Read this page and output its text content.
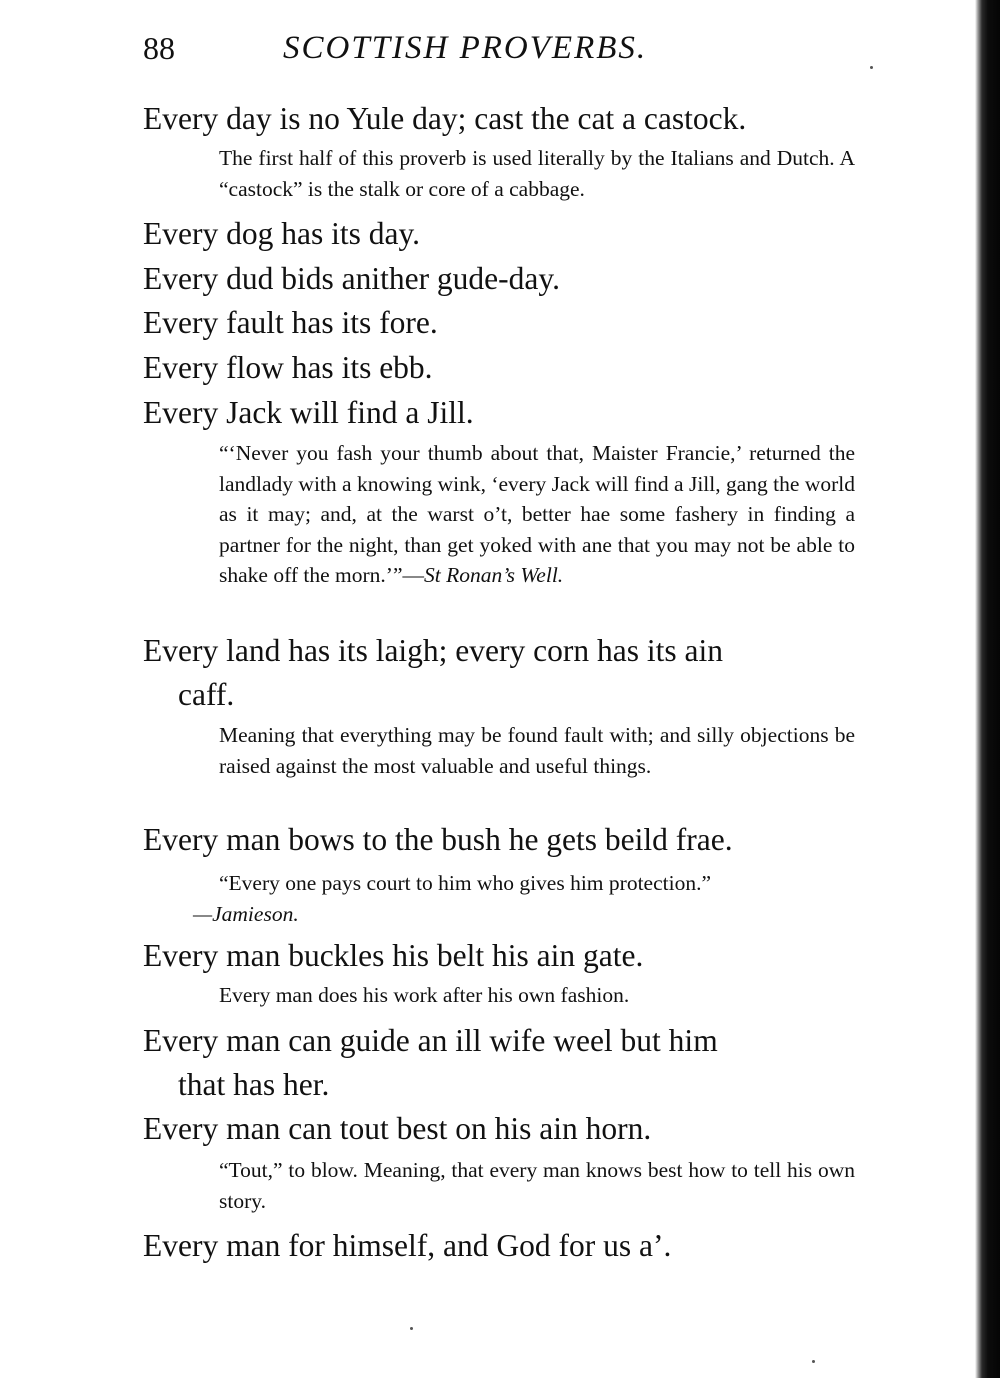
88	SCOTTISH PROVERBS.
Every day is no Yule day; cast the cat a castock.
The first half of this proverb is used literally by the Italians and Dutch. A “castock” is the stalk or core of a cabbage.
Every dog has its day.
Every dud bids anither gude-day.
Every fault has its fore.
Every flow has its ebb.
Every Jack will find a Jill.
“‘Never you fash your thumb about that, Maister Francie,’ returned the landlady with a knowing wink, ‘every Jack will find a Jill, gang the world as it may; and, at the warst o’t, better hae some fashery in finding a partner for the night, than get yoked with ane that you may not be able to shake off the morn.’”—St Ronan’s Well.
Every land has its laigh; every corn has its ain
caff.
Meaning that everything may be found fault with; and silly objections be raised against the most valuable and useful things.
Every man bows to the bush he gets beild frae.
“Every one pays court to him who gives him protection.”
—Jamieson.
Every man buckles his belt his ain gate.
Every man does his work after his own fashion.
Every man can guide an ill wife weel but him
that has her.
Every man can tout best on his ain horn.
“Tout,” to blow. Meaning, that every man knows best how to tell his own story.
Every man for himself, and God for us a’.
